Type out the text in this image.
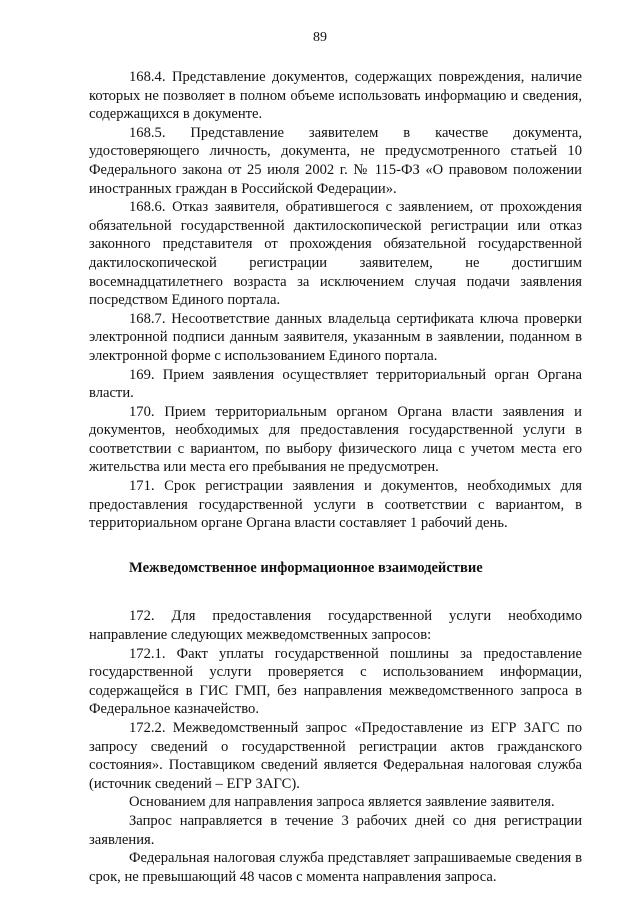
89

168.4. Представление документов, содержащих повреждения, наличие которых не позволяет в полном объеме использовать информацию и сведения, содержащихся в документе.

168.5. Представление заявителем в качестве документа, удостоверяющего личность, документа, не предусмотренного статьей 10 Федерального закона от 25 июля 2002 г. № 115-ФЗ «О правовом положении иностранных граждан в Российской Федерации».

168.6. Отказ заявителя, обратившегося с заявлением, от прохождения обязательной государственной дактилоскопической регистрации или отказ законного представителя от прохождения обязательной государственной дактилоскопической регистрации заявителем, не достигшим восемнадцатилетнего возраста за исключением случая подачи заявления посредством Единого портала.

168.7. Несоответствие данных владельца сертификата ключа проверки электронной подписи данным заявителя, указанным в заявлении, поданном в электронной форме с использованием Единого портала.

169. Прием заявления осуществляет территориальный орган Органа власти.

170. Прием территориальным органом Органа власти заявления и документов, необходимых для предоставления государственной услуги в соответствии с вариантом, по выбору физического лица с учетом места его жительства или места его пребывания не предусмотрен.

171. Срок регистрации заявления и документов, необходимых для предоставления государственной услуги в соответствии с вариантом, в территориальном органе Органа власти составляет 1 рабочий день.

Межведомственное информационное взаимодействие

172. Для предоставления государственной услуги необходимо направление следующих межведомственных запросов:

172.1. Факт уплаты государственной пошлины за предоставление государственной услуги проверяется с использованием информации, содержащейся в ГИС ГМП, без направления межведомственного запроса в Федеральное казначейство.

172.2. Межведомственный запрос «Предоставление из ЕГР ЗАГС по запросу сведений о государственной регистрации актов гражданского состояния». Поставщиком сведений является Федеральная налоговая служба (источник сведений – ЕГР ЗАГС).

Основанием для направления запроса является заявление заявителя.

Запрос направляется в течение 3 рабочих дней со дня регистрации заявления.

Федеральная налоговая служба представляет запрашиваемые сведения в срок, не превышающий 48 часов с момента направления запроса.
